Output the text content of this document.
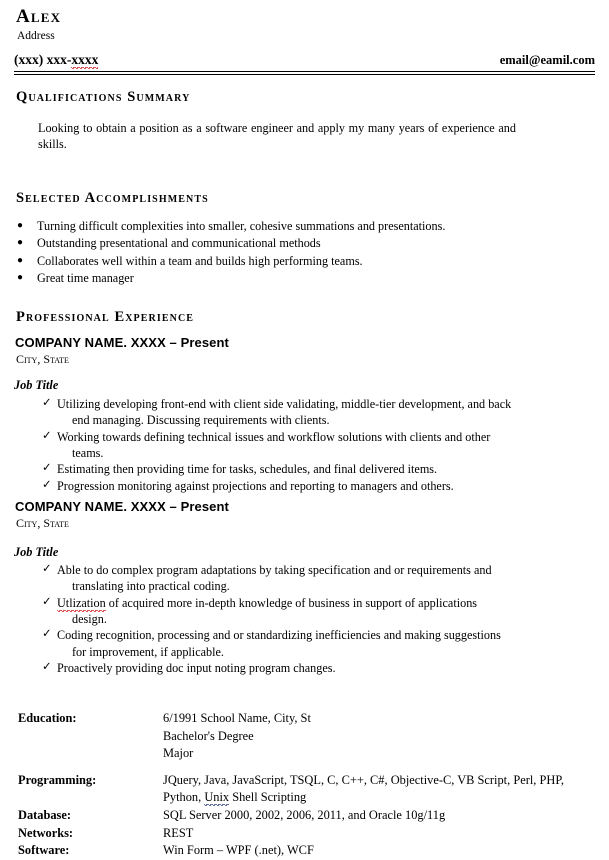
Alex
Address
(xxx) xxx-xxxx	email@eamil.com
Qualifications Summary
Looking to obtain a position as a software engineer and apply my many years of experience and skills.
Selected Accomplishments
● Turning difficult complexities into smaller, cohesive summations and presentations.
● Outstanding presentational and communicational methods
● Collaborates well within a team and builds high performing teams.
● Great time manager
Professional Experience
COMPANY NAME. XXXX – Present
City, State
Job Title
✓ Utilizing developing front-end with client side validating, middle-tier development, and back
end managing. Discussing requirements with clients.
✓ Working towards defining technical issues and workflow solutions with clients and other
teams.
✓ Estimating then providing time for tasks, schedules, and final delivered items.
✓ Progression monitoring against projections and reporting to managers and others.
COMPANY NAME. XXXX – Present
City, State
Job Title
✓ Able to do complex program adaptations by taking specification and or requirements and
translating into practical coding.
✓ Utlization of acquired more in-depth knowledge of business in support of applications
design.
✓ Coding recognition, processing and or standardizing inefficiencies and making suggestions
for improvement, if applicable.
✓ Proactively providing doc input noting program changes.
Education:	6/1991 School Name, City, St
Bachelor's Degree
Major
Programming:	JQuery, Java, JavaScript, TSQL, C, C++, C#, Objective-C, VB Script, Perl, PHP,
Python, Unix Shell Scripting
Database:	SQL Server 2000, 2002, 2006, 2011, and Oracle 10g/11g
Networks:	REST
Software:	Win Form – WPF (.net), WCF
